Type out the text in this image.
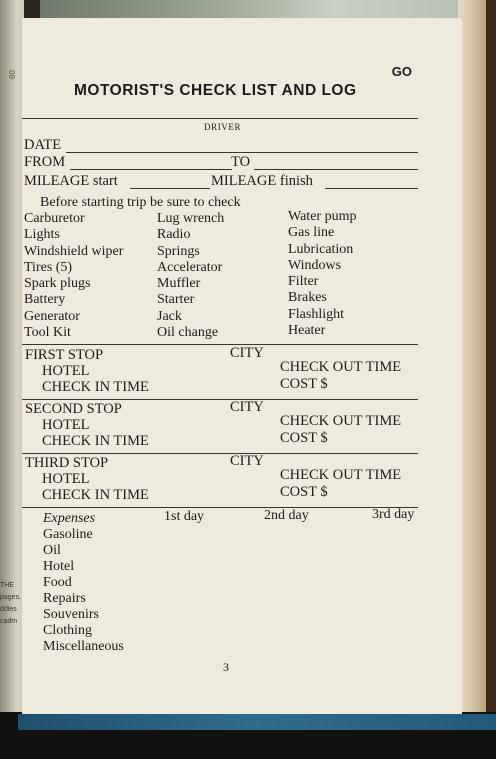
60
THE
pages.
ddles
cadm
GO
MOTORIST'S CHECK LIST AND LOG
DRIVER
DATE
FROM	TO
MILEAGE start	MILEAGE finish
Before starting trip be sure to check
Carburetor
Lights
Windshield wiper
Tires (5)
Spark plugs
Battery
Generator
Tool Kit
Lug wrench
Radio
Springs
Accelerator
Muffler
Starter
Jack
Oil change
Water pump
Gas line
Lubrication
Windows
Filter
Brakes
Flashlight
Heater
FIRST STOP	CITY
HOTEL	CHECK OUT TIME
CHECK IN TIME	COST $
SECOND STOP	CITY
HOTEL	CHECK OUT TIME
CHECK IN TIME	COST $
THIRD STOP	CITY
HOTEL	CHECK OUT TIME
CHECK IN TIME	COST $
Expenses	1st day	2nd day	3rd day
Gasoline
Oil
Hotel
Food
Repairs
Souvenirs
Clothing
Miscellaneous
3
